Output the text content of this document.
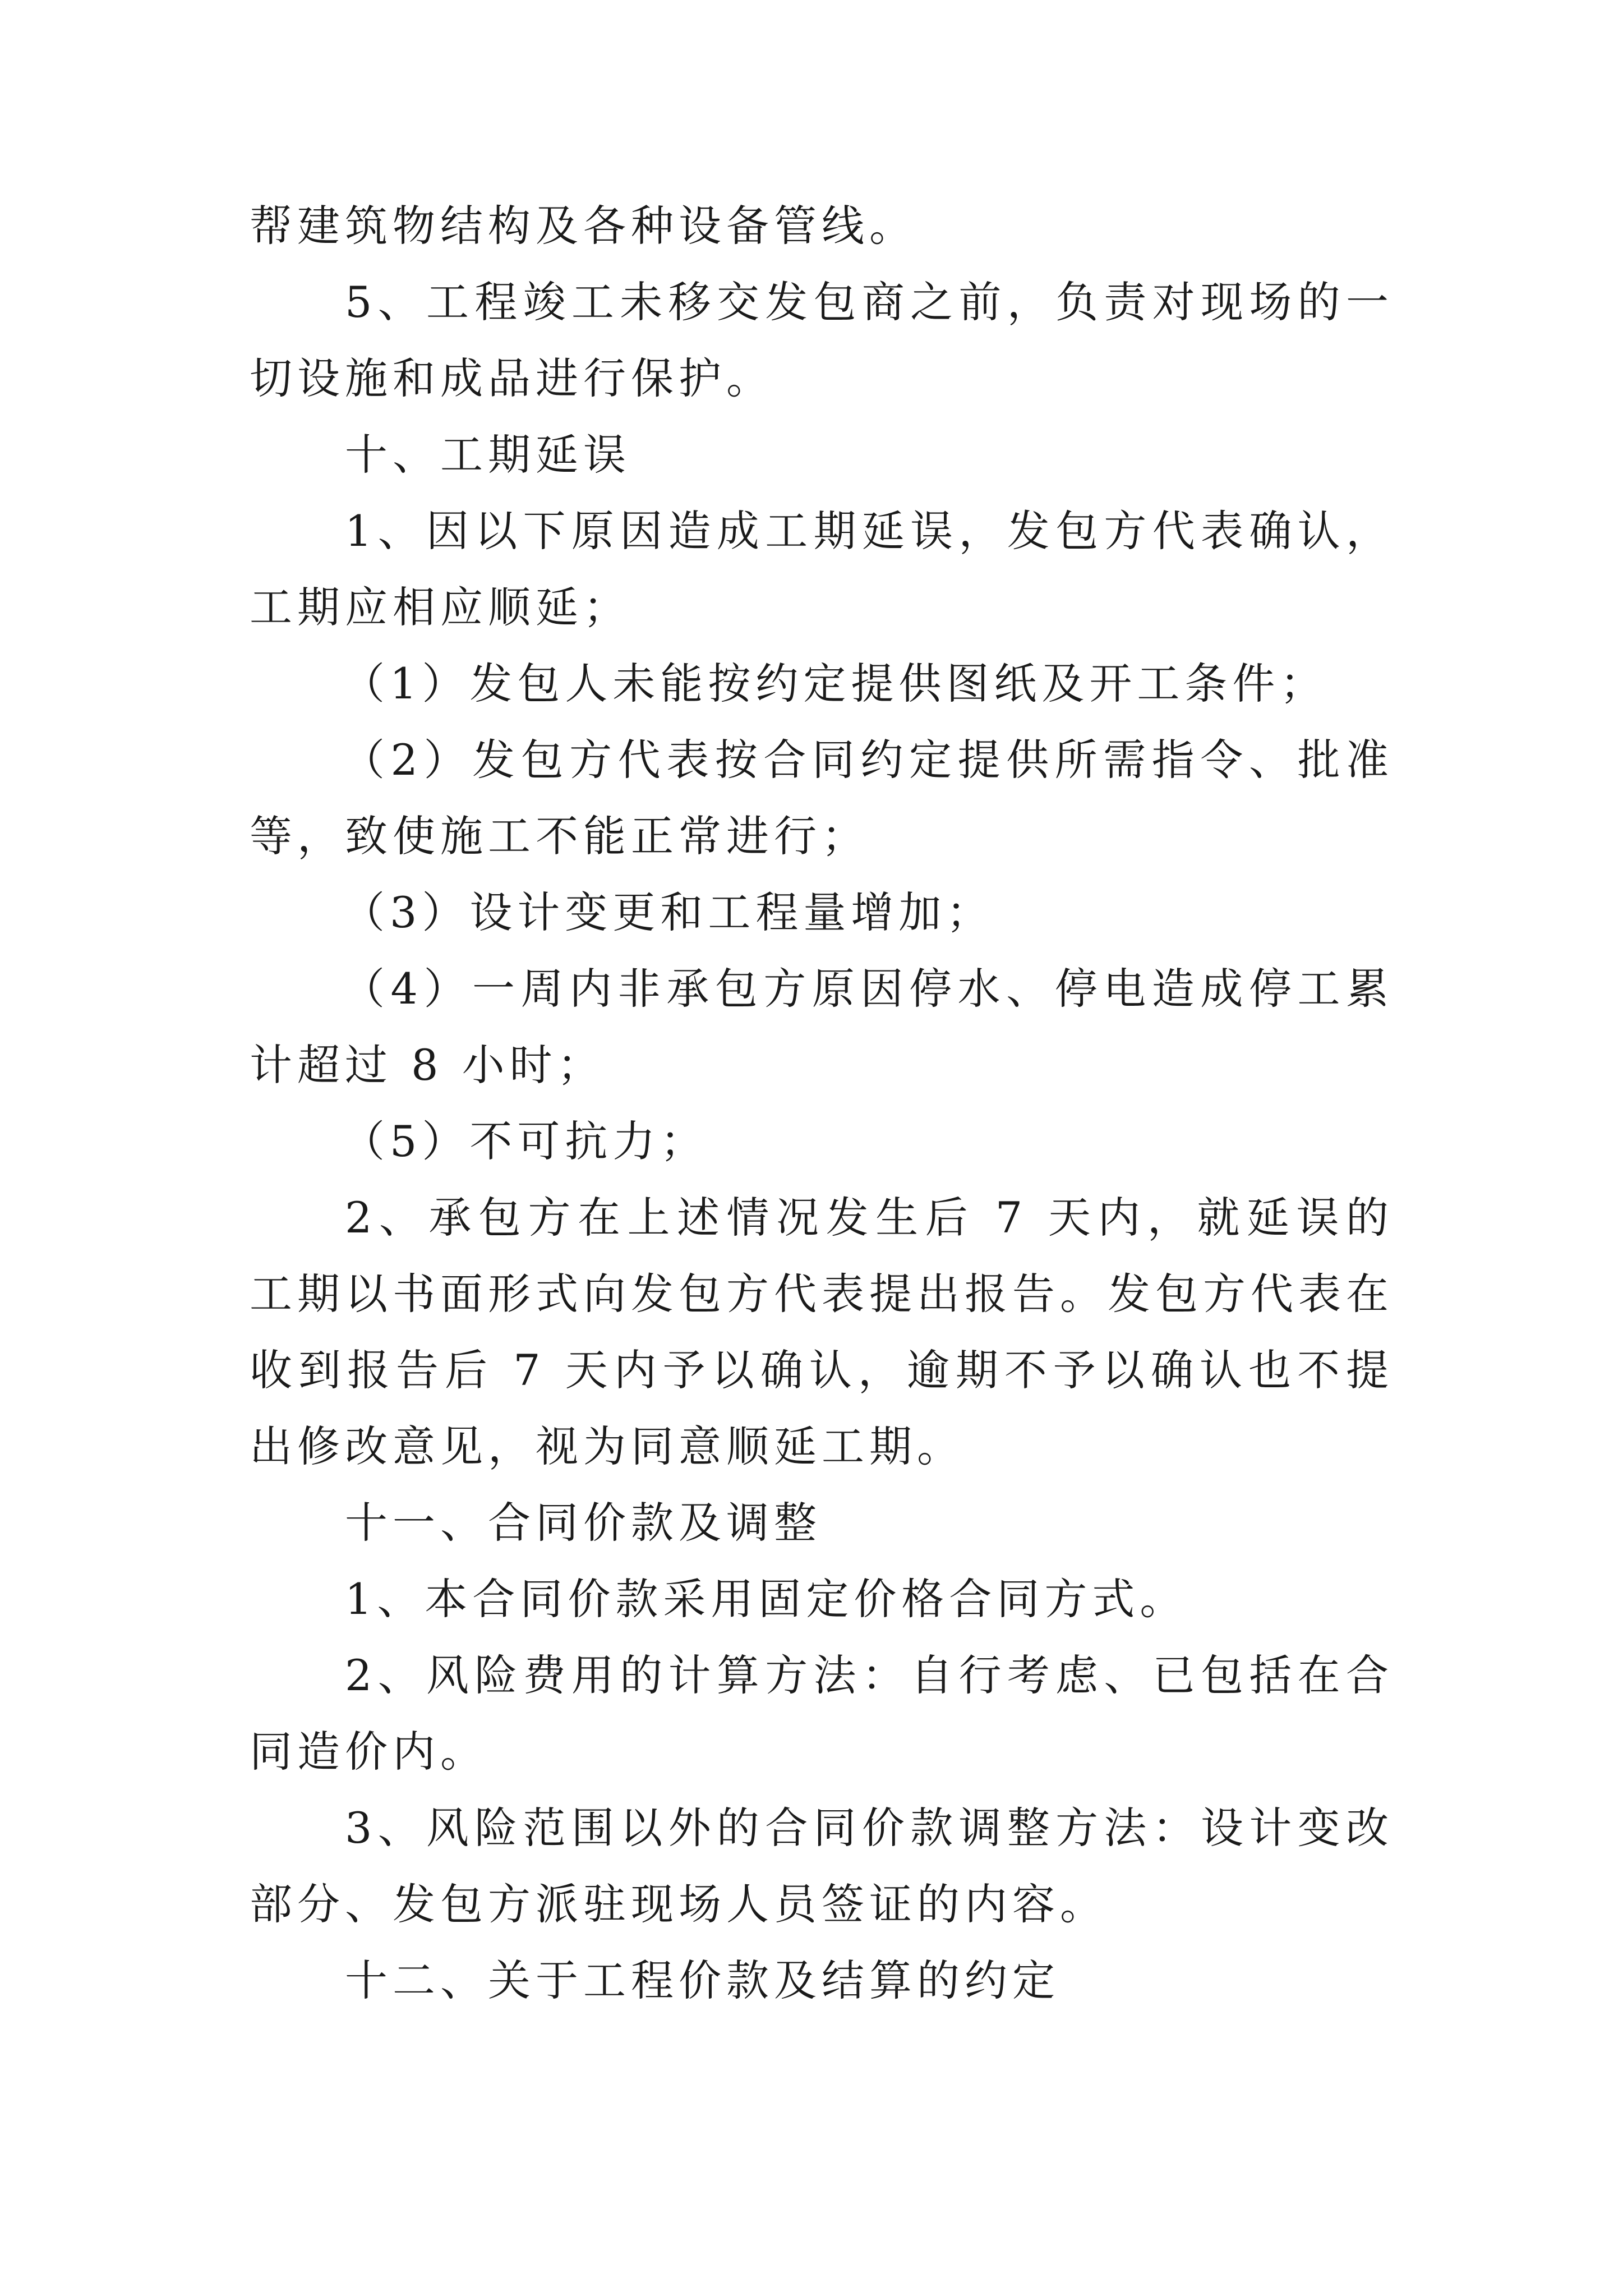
帮建筑物结构及各种设备管线。

5、工程竣工未移交发包商之前，负责对现场的一切设施和成品进行保护。

十、工期延误

1、因以下原因造成工期延误，发包方代表确认，工期应相应顺延；

（1）发包人未能按约定提供图纸及开工条件；

（2）发包方代表按合同约定提供所需指令、批准等，致使施工不能正常进行；

（3）设计变更和工程量增加；

（4）一周内非承包方原因停水、停电造成停工累计超过 8 小时；

（5）不可抗力；

2、承包方在上述情况发生后 7 天内，就延误的工期以书面形式向发包方代表提出报告。发包方代表在收到报告后 7 天内予以确认，逾期不予以确认也不提出修改意见，视为同意顺延工期。

十一、合同价款及调整

1、本合同价款采用固定价格合同方式。

2、风险费用的计算方法：自行考虑、已包括在合同造价内。

3、风险范围以外的合同价款调整方法：设计变改部分、发包方派驻现场人员签证的内容。

十二、关于工程价款及结算的约定
